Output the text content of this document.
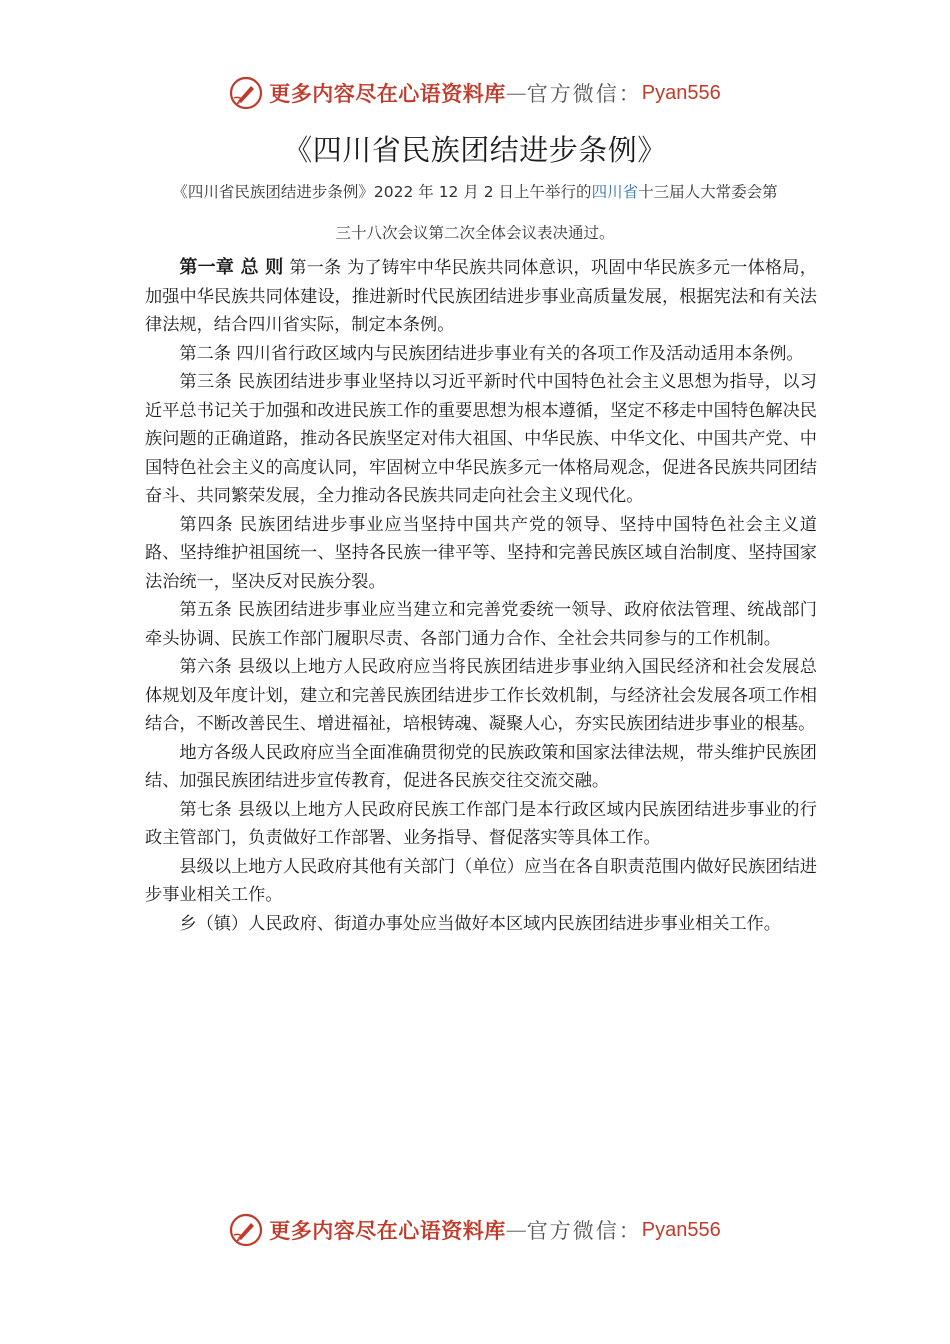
更多内容尽在心语资料库 — 官方微信： Pyan556
《四川省民族团结进步条例》
《四川省民族团结进步条例》2022 年 12 月 2 日上午举行的四川省十三届人大常委会第
三十八次会议第二次全体会议表决通过。

第一章 总 则 第一条 为了铸牢中华民族共同体意识，巩固中华民族多元一体格局，加强中华民族共同体建设，推进新时代民族团结进步事业高质量发展，根据宪法和有关法律法规，结合四川省实际，制定本条例。

第二条 四川省行政区域内与民族团结进步事业有关的各项工作及活动适用本条例。

第三条 民族团结进步事业坚持以习近平新时代中国特色社会主义思想为指导，以习近平总书记关于加强和改进民族工作的重要思想为根本遵循，坚定不移走中国特色解决民族问题的正确道路，推动各民族坚定对伟大祖国、中华民族、中华文化、中国共产党、中国特色社会主义的高度认同，牢固树立中华民族多元一体格局观念，促进各民族共同团结奋斗、共同繁荣发展，全力推动各民族共同走向社会主义现代化。

第四条 民族团结进步事业应当坚持中国共产党的领导、坚持中国特色社会主义道路、坚持维护祖国统一、坚持各民族一律平等、坚持和完善民族区域自治制度、坚持国家法治统一，坚决反对民族分裂。

第五条 民族团结进步事业应当建立和完善党委统一领导、政府依法管理、统战部门牵头协调、民族工作部门履职尽责、各部门通力合作、全社会共同参与的工作机制。

第六条 县级以上地方人民政府应当将民族团结进步事业纳入国民经济和社会发展总体规划及年度计划，建立和完善民族团结进步工作长效机制，与经济社会发展各项工作相结合，不断改善民生、增进福祉，培根铸魂、凝聚人心，夯实民族团结进步事业的根基。

地方各级人民政府应当全面准确贯彻党的民族政策和国家法律法规，带头维护民族团结、加强民族团结进步宣传教育，促进各民族交往交流交融。

第七条 县级以上地方人民政府民族工作部门是本行政区域内民族团结进步事业的行政主管部门，负责做好工作部署、业务指导、督促落实等具体工作。

县级以上地方人民政府其他有关部门（单位）应当在各自职责范围内做好民族团结进步事业相关工作。

乡（镇）人民政府、街道办事处应当做好本区域内民族团结进步事业相关工作。

更多内容尽在心语资料库 — 官方微信： Pyan556
